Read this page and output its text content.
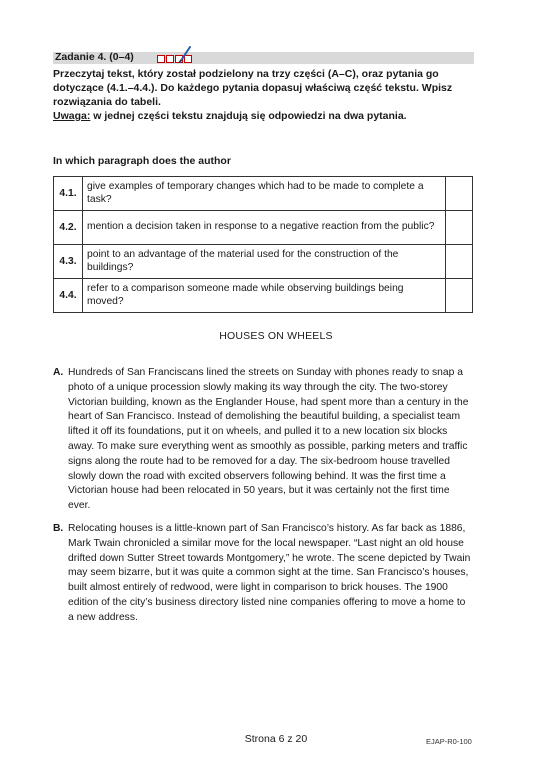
Zadanie 4. (0–4)
Przeczytaj tekst, który został podzielony na trzy części (A–C), oraz pytania go dotyczące (4.1.–4.4.). Do każdego pytania dopasuj właściwą część tekstu. Wpisz rozwiązania do tabeli.
Uwaga: w jednej części tekstu znajdują się odpowiedzi na dwa pytania.
In which paragraph does the author
4.1.	give examples of temporary changes which had to be made to complete a task?	
4.2.	mention a decision taken in response to a negative reaction from the public?	
4.3.	point to an advantage of the material used for the construction of the buildings?	
4.4.	refer to a comparison someone made while observing buildings being moved?	
HOUSES ON WHEELS
A. Hundreds of San Franciscans lined the streets on Sunday with phones ready to snap a photo of a unique procession slowly making its way through the city. The two-storey Victorian building, known as the Englander House, had spent more than a century in the heart of San Francisco. Instead of demolishing the beautiful building, a specialist team lifted it off its foundations, put it on wheels, and pulled it to a new location six blocks away. To make sure everything went as smoothly as possible, parking meters and traffic signs along the route had to be removed for a day. The six-bedroom house travelled slowly down the road with excited observers following behind. It was the first time a Victorian house had been relocated in 50 years, but it was certainly not the first time ever.
B. Relocating houses is a little-known part of San Francisco’s history. As far back as 1886, Mark Twain chronicled a similar move for the local newspaper. “Last night an old house drifted down Sutter Street towards Montgomery,” he wrote. The scene depicted by Twain may seem bizarre, but it was quite a common sight at the time. San Francisco’s houses, built almost entirely of redwood, were light in comparison to brick houses. The 1900 edition of the city’s business directory listed nine companies offering to move a home to a new address.
Strona 6 z 20	EJAP-R0-100
